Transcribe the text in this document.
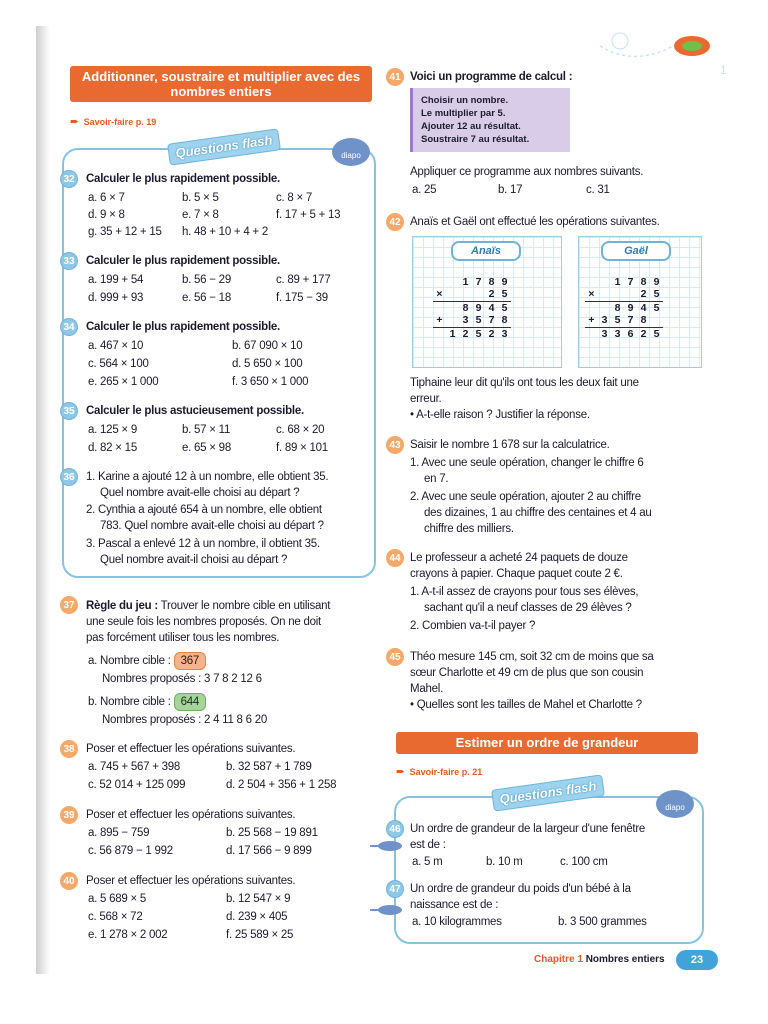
1
Additionner, soustraire et multiplier avec des nombres entiers
➨ Savoir-faire p. 19
Questions flash	diapo
32 Calculer le plus rapidement possible.
a. 6 × 7	b. 5 × 5	c. 8 × 7
d. 9 × 8	e. 7 × 8	f. 17 + 5 + 13
g. 35 + 12 + 15 h. 48 + 10 + 4 + 2
33 Calculer le plus rapidement possible.
a. 199 + 54	b. 56 − 29	c. 89 + 177
d. 999 + 93	e. 56 − 18	f. 175 − 39
34 Calculer le plus rapidement possible.
a. 467 × 10	b. 67 090 × 10
c. 564 × 100	d. 5 650 × 100
e. 265 × 1 000	f. 3 650 × 1 000
35 Calculer le plus astucieusement possible.
a. 125 × 9	b. 57 × 11	c. 68 × 20
d. 82 × 15	e. 65 × 98	f. 89 × 101
36 1. Karine a ajouté 12 à un nombre, elle obtient 35.
Quel nombre avait-elle choisi au départ ?
2. Cynthia a ajouté 654 à un nombre, elle obtient
783. Quel nombre avait-elle choisi au départ ?
3. Pascal a enlevé 12 à un nombre, il obtient 35.
Quel nombre avait-il choisi au départ ?
37 Règle du jeu : Trouver le nombre cible en utilisant
une seule fois les nombres proposés. On ne doit
pas forcément utiliser tous les nombres.
a. Nombre cible : 367
Nombres proposés : 3 7 8 2 12 6
b. Nombre cible : 644
Nombres proposés : 2 4 11 8 6 20
38 Poser et effectuer les opérations suivantes.
a. 745 + 567 + 398	b. 32 587 + 1 789
c. 52 014 + 125 099	d. 2 504 + 356 + 1 258
39 Poser et effectuer les opérations suivantes.
a. 895 − 759	b. 25 568 − 19 891
c. 56 879 − 1 992	d. 17 566 − 9 899
40 Poser et effectuer les opérations suivantes.
a. 5 689 × 5	b. 12 547 × 9
c. 568 × 72	d. 239 × 405
e. 1 278 × 2 002	f. 25 589 × 25
41 Voici un programme de calcul :
Choisir un nombre.
Le multiplier par 5.
Ajouter 12 au résultat.
Soustraire 7 au résultat.
Appliquer ce programme aux nombres suivants.
a. 25	b. 17	c. 31
42 Anaïs et Gaël ont effectué les opérations suivantes.
Anaïs
		1	7	8	9
×				2	5
		8	9	4	5
+		3	5	7	8
	1	2	5	2	3
Gaël
		1	7	8	9
×				2	5
		8	9	4	5
+	3	5	7	8	
	3	3	6	2	5
Tiphaine leur dit qu'ils ont tous les deux fait une
erreur.
• A-t-elle raison ? Justifier la réponse.
43 Saisir le nombre 1 678 sur la calculatrice.
1. Avec une seule opération, changer le chiffre 6
en 7.
2. Avec une seule opération, ajouter 2 au chiffre
des dizaines, 1 au chiffre des centaines et 4 au
chiffre des milliers.
44 Le professeur a acheté 24 paquets de douze
crayons à papier. Chaque paquet coute 2 €.
1. A-t-il assez de crayons pour tous ses élèves,
sachant qu'il a neuf classes de 29 élèves ?
2. Combien va-t-il payer ?
45 Théo mesure 145 cm, soit 32 cm de moins que sa
sœur Charlotte et 49 cm de plus que son cousin
Mahel.
• Quelles sont les tailles de Mahel et Charlotte ?
Estimer un ordre de grandeur
➨ Savoir-faire p. 21
Questions flash
diapo
46 Un ordre de grandeur de la largeur d'une fenêtre
est de :
a. 5 m	b. 10 m	c. 100 cm
47 Un ordre de grandeur du poids d'un bébé à la
naissance est de :
a. 10 kilogrammes	b. 3 500 grammes
Chapitre 1 Nombres entiers	23
